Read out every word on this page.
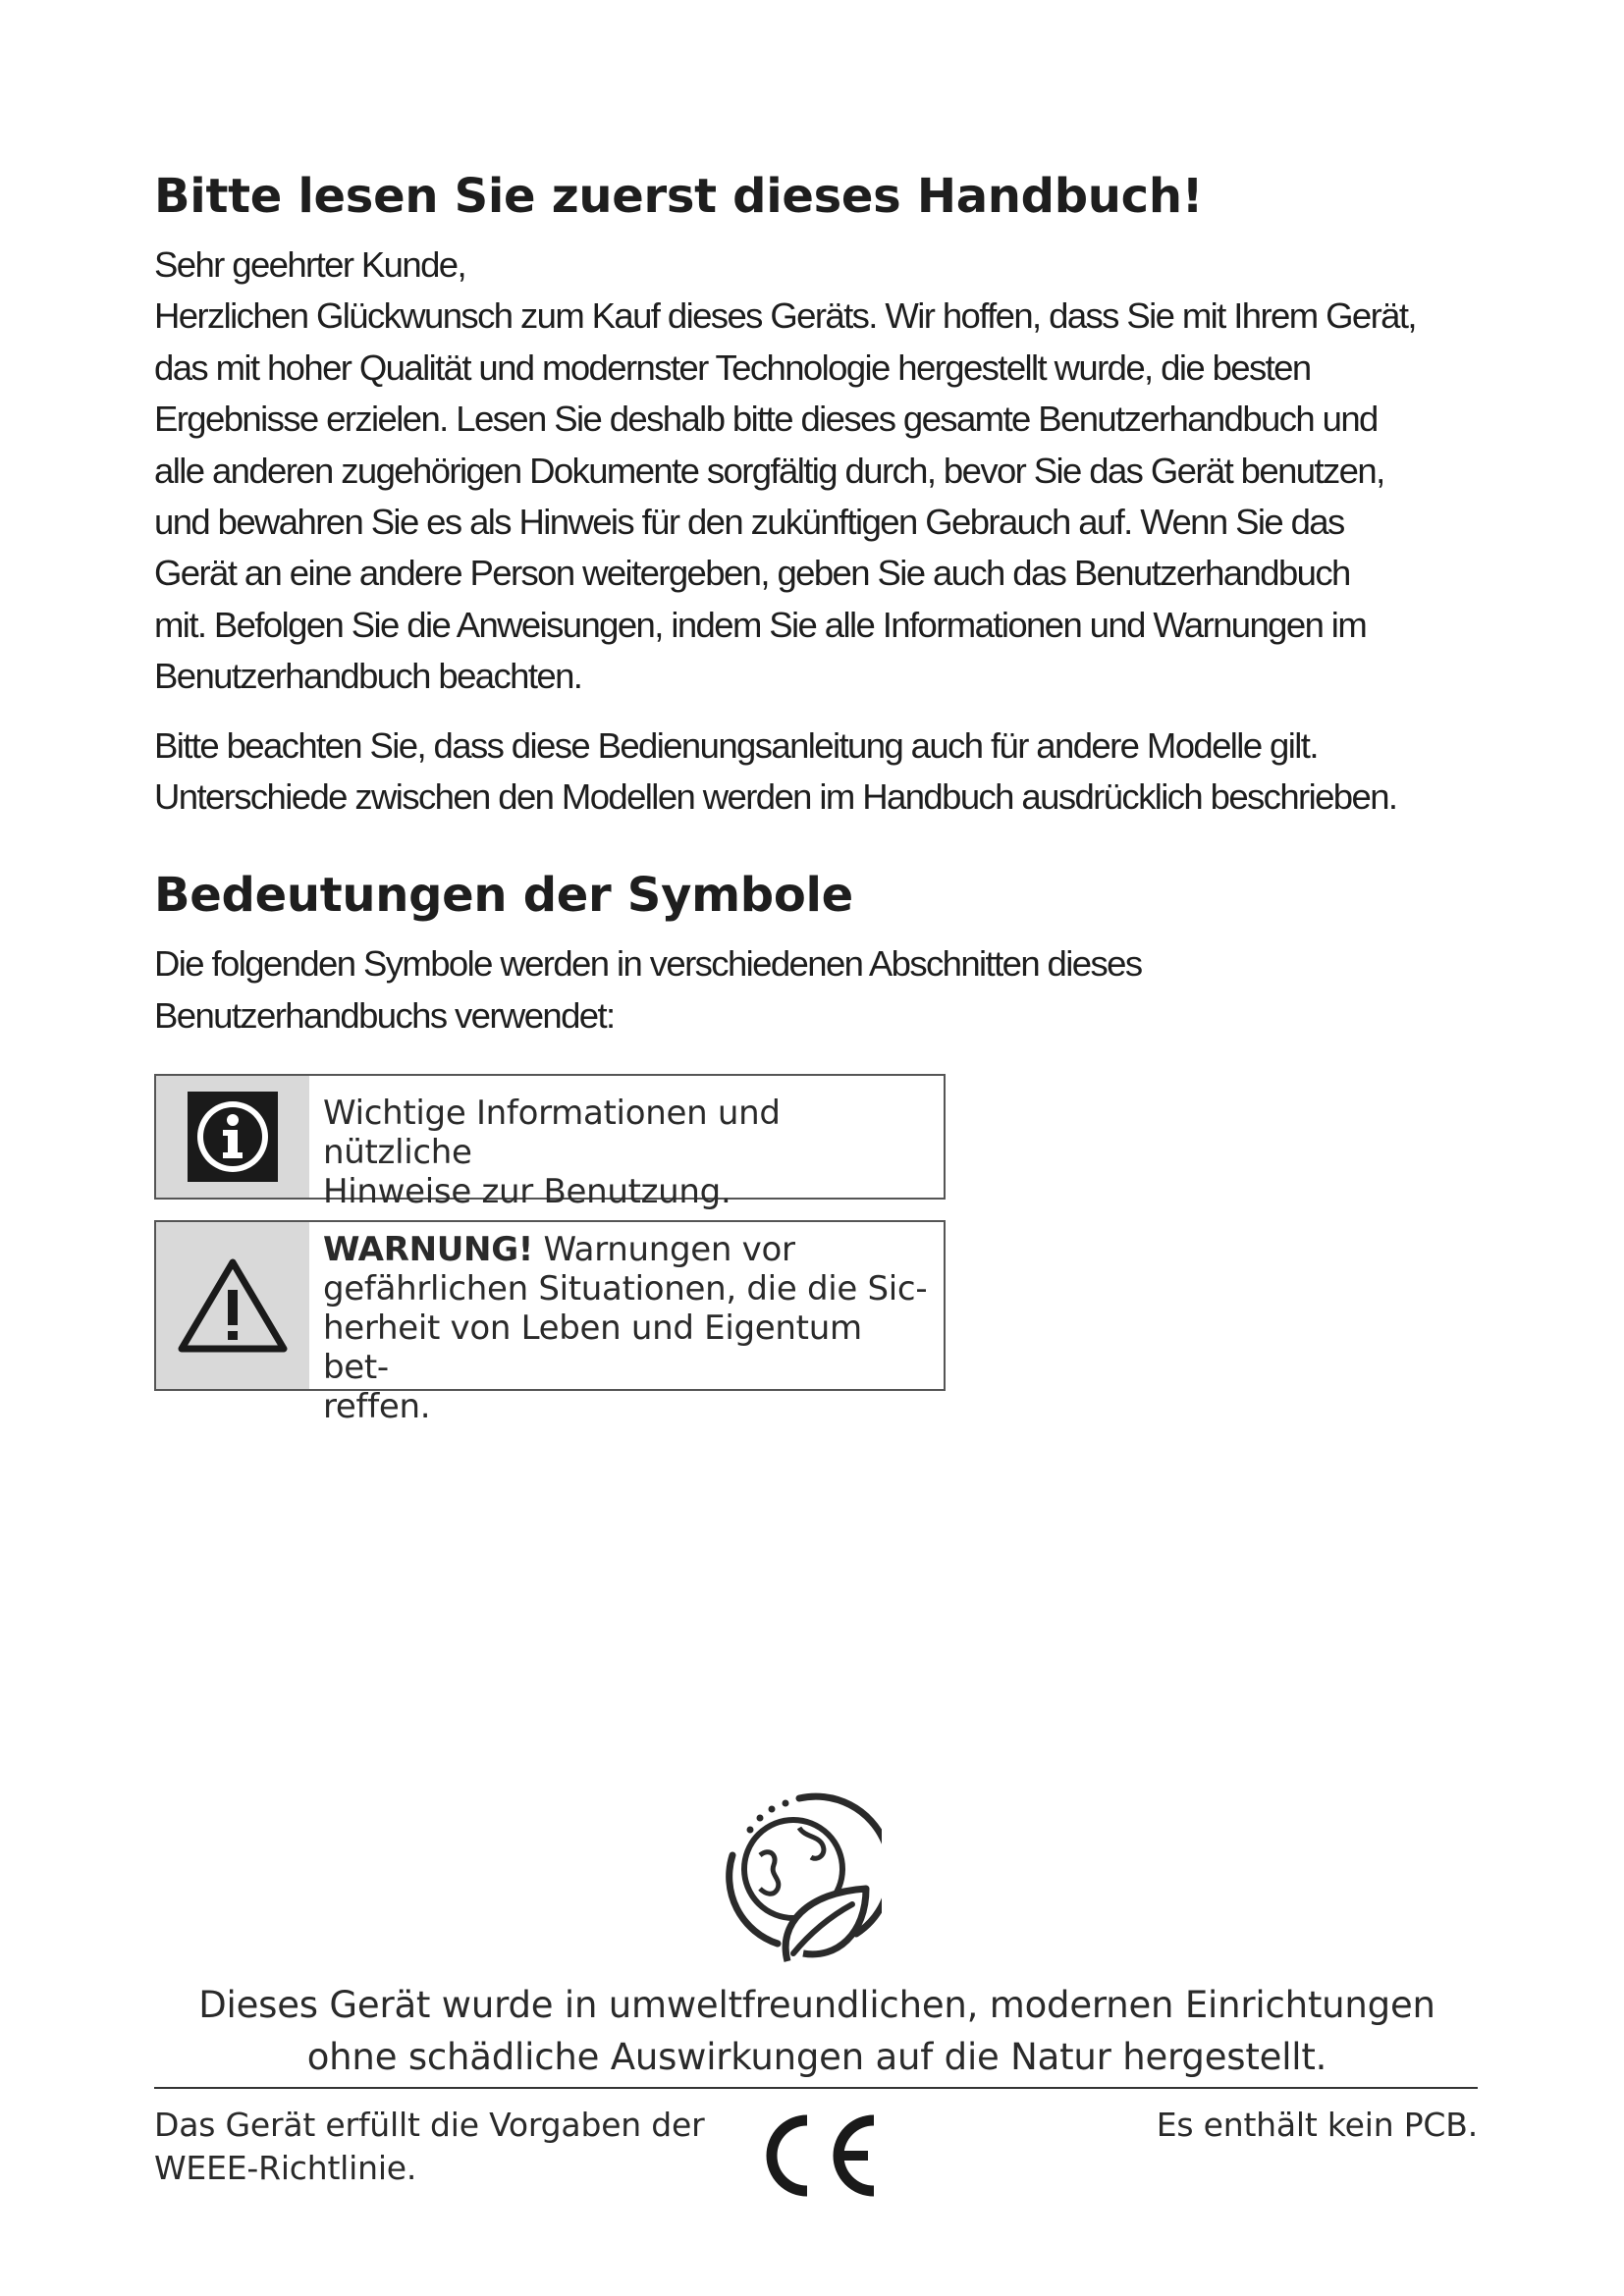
Bitte lesen Sie zuerst dieses Handbuch!

Sehr geehrter Kunde,
Herzlichen Glückwunsch zum Kauf dieses Geräts. Wir hoffen, dass Sie mit Ihrem Gerät,
das mit hoher Qualität und modernster Technologie hergestellt wurde, die besten
Ergebnisse erzielen. Lesen Sie deshalb bitte dieses gesamte Benutzerhandbuch und
alle anderen zugehörigen Dokumente sorgfältig durch, bevor Sie das Gerät benutzen,
und bewahren Sie es als Hinweis für den zukünftigen Gebrauch auf. Wenn Sie das
Gerät an eine andere Person weitergeben, geben Sie auch das Benutzerhandbuch
mit. Befolgen Sie die Anweisungen, indem Sie alle Informationen und Warnungen im
Benutzerhandbuch beachten.

Bitte beachten Sie, dass diese Bedienungsanleitung auch für andere Modelle gilt.
Unterschiede zwischen den Modellen werden im Handbuch ausdrücklich beschrieben.

Bedeutungen der Symbole

Die folgenden Symbole werden in verschiedenen Abschnitten dieses
Benutzerhandbuchs verwendet:

Wichtige Informationen und nützliche
Hinweise zur Benutzung.
WARNUNG! Warnungen vor
gefährlichen Situationen, die die Sic-
herheit von Leben und Eigentum bet-
reffen.
Dieses Gerät wurde in umweltfreundlichen, modernen Einrichtungen
ohne schädliche Auswirkungen auf die Natur hergestellt.
Das Gerät erfüllt die Vorgaben der
WEEE-Richtlinie.
Es enthält kein PCB.
